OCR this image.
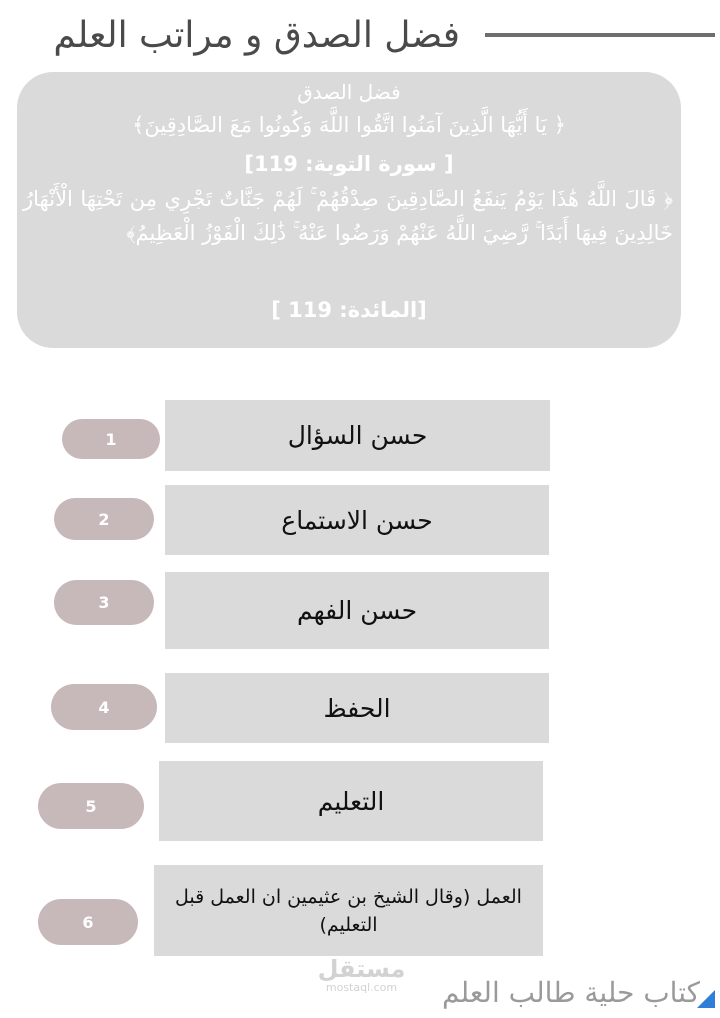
فضل الصدق و مراتب العلم
فضل الصدق
﴿ يَا أَيُّهَا الَّذِينَ آمَنُوا اتَّقُوا اللَّهَ وَكُونُوا مَعَ الصَّادِقِينَ﴾
[ سورة التوبة: 119]
﴿ قَالَ اللَّهُ هَٰذَا يَوْمُ يَنفَعُ الصَّادِقِينَ صِدْقُهُمْ ۚ لَهُمْ جَنَّاتٌ تَجْرِي مِن تَحْتِهَا الْأَنْهَارُ خَالِدِينَ فِيهَا أَبَدًا ۚ رَّضِيَ اللَّهُ عَنْهُمْ وَرَضُوا عَنْهُ ۚ ذَٰلِكَ الْفَوْزُ الْعَظِيمُ﴾
[المائدة: 119 ]
حسن السؤال
1
حسن الاستماع
2
حسن الفهم
3
الحفظ
4
التعليم
5
العمل (وقال الشيخ بن عثيمين ان العمل قبل التعليم)
6
مستقل
mostaql.com	كتاب حلية طالب العلم
